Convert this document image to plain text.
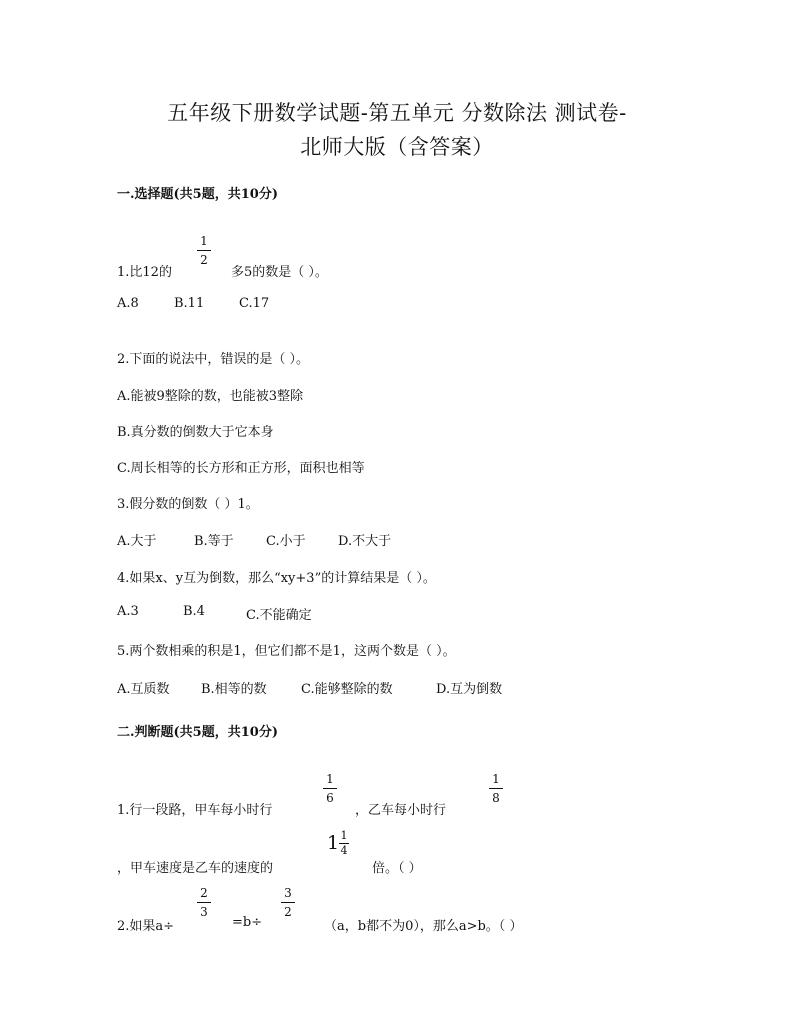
五年级下册数学试题-第五单元 分数除法 测试卷-
北师大版（含答案）
一.选择题(共5题，共10分)
1.比12的
1
2
多5的数是（ ）。
A.8	B.11	C.17
2.下面的说法中，错误的是（ ）。
A.能被9整除的数，也能被3整除
B.真分数的倒数大于它本身
C.周长相等的长方形和正方形，面积也相等
3.假分数的倒数（ ）1。
A.大于	B.等于 C.小于 D.不大于
4.如果x、y互为倒数，那么“xy+3”的计算结果是（ ）。
A.3	B.4	C.不能确定
5.两个数相乘的积是1，但它们都不是1，这两个数是（ ）。
A.互质数 B.相等的数	C.能够整除的数	D.互为倒数
二.判断题(共5题，共10分)
1.行一段路，甲车每小时行
1
6
，乙车每小时行
1
8
，甲车速度是乙车的速度的
1 1
4
倍。（ ）
2.如果a÷
2
3
=b÷
3
2
（a，b都不为0），那么a>b。（ ）
